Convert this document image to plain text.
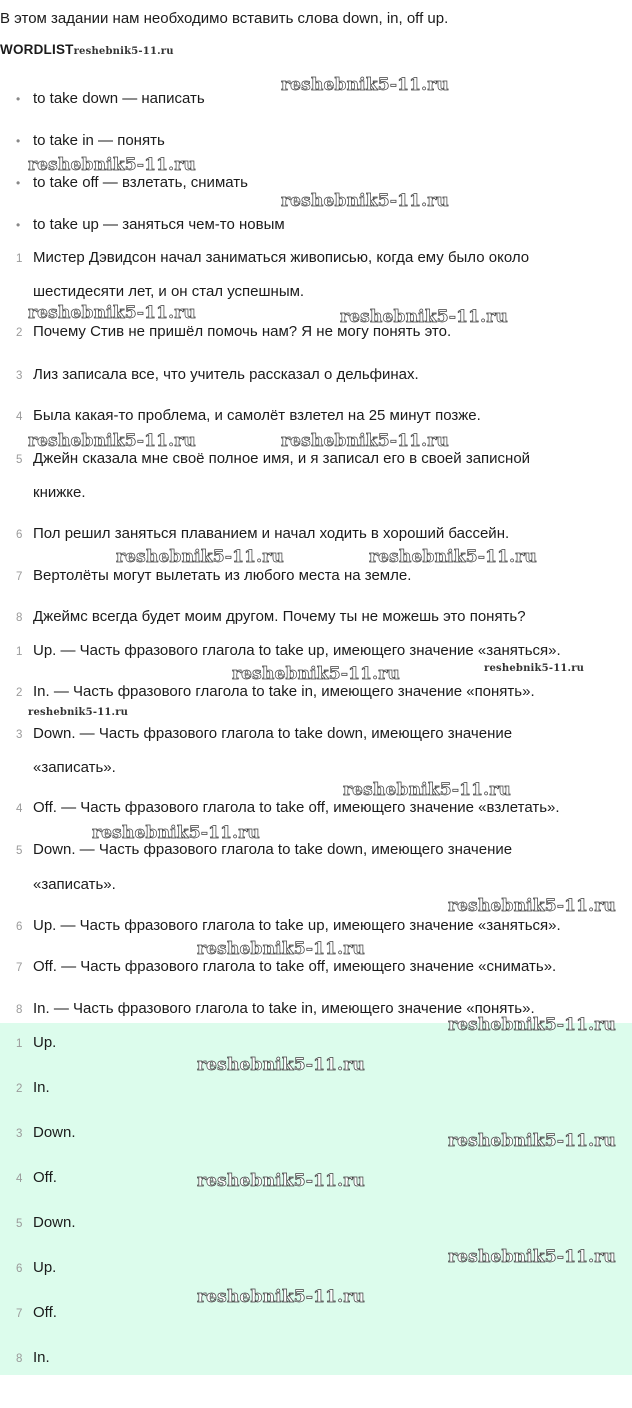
В этом задании нам необходимо вставить слова down, in, off up.
WORDLISTreshebnik5-11.ru
• to take down — написать
• to take in — понять
• to take off — взлетать, снимать
• to take up — заняться чем-то новым
1 Мистер Дэвидсон начал заниматься живописью, когда ему было около
шестидесяти лет, и он стал успешным.
2 Почему Стив не пришёл помочь нам? Я не могу понять это.
3 Лиз записала все, что учитель рассказал о дельфинах.
4 Была какая-то проблема, и самолёт взлетел на 25 минут позже.
5 Джейн сказала мне своё полное имя, и я записал его в своей записной
книжке.
6 Пол решил заняться плаванием и начал ходить в хороший бассейн.
7 Вертолёты могут вылетать из любого места на земле.
8 Джеймс всегда будет моим другом. Почему ты не можешь это понять?
1 Up. — Часть фразового глагола to take up, имеющего значение «заняться».
2 In. — Часть фразового глагола to take in, имеющего значение «понять».
3 Down. — Часть фразового глагола to take down, имеющего значение
«записать».
4 Off. — Часть фразового глагола to take off, имеющего значение «взлетать».
5 Down. — Часть фразового глагола to take down, имеющего значение
«записать».
6 Up. — Часть фразового глагола to take up, имеющего значение «заняться».
7 Off. — Часть фразового глагола to take off, имеющего значение «снимать».
8 In. — Часть фразового глагола to take in, имеющего значение «понять».
1 Up.
2 In.
3 Down.
4 Off.
5 Down.
6 Up.
7 Off.
8 In.
reshebnik5-11.ru
reshebnik5-11.ru
reshebnik5-11.ru
reshebnik5-11.ru	reshebnik5-11.ru
reshebnik5-11.ru	reshebnik5-11.ru
reshebnik5-11.ru	reshebnik5-11.ru
reshebnik5-11.ru	reshebnik5-11.ru
reshebnik5-11.ru
reshebnik5-11.ru
reshebnik5-11.ru
reshebnik5-11.ru
reshebnik5-11.ru
reshebnik5-11.ru
reshebnik5-11.ru
reshebnik5-11.ru
reshebnik5-11.ru
reshebnik5-11.ru
reshebnik5-11.ru
